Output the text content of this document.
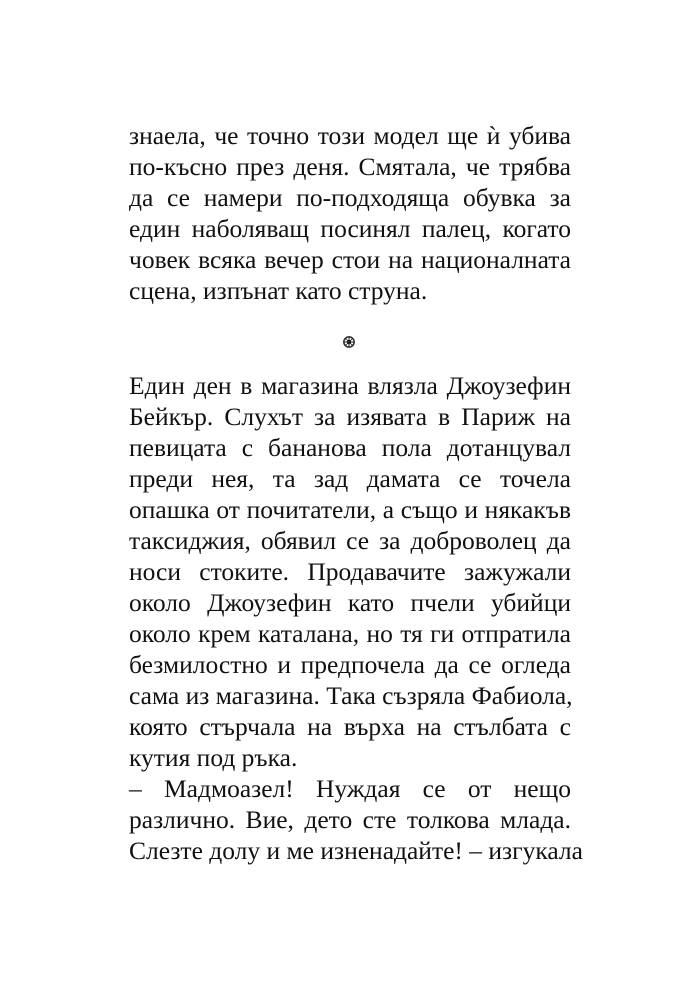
знаела, че точно този модел ще ѝ убива
по-късно през деня. Смятала, че трябва
да се намери по-подходяща обувка за
един наболяващ посинял палец, когато
човек всяка вечер стои на националната
сцена, изпънат като струна.
Един ден в магазина влязла Джоузефин
Бейкър. Слухът за изявата в Париж на
певицата с бананова пола дотанцувал
преди нея, та зад дамата се точела
опашка от почитатели, а също и някакъв
таксиджия, обявил се за доброволец да
носи стоките. Продавачите зажужали
около Джоузефин като пчели убийци
около крем каталана, но тя ги отпратила
безмилостно и предпочела да се огледа
сама из магазина. Така съзряла Фабиола,
която стърчала на върха на стълбата с
кутия под ръка.
– Мадмоазел! Нуждая се от нещо
различно. Вие, дето сте толкова млада.
Слезте долу и ме изненадайте! – изгукала
